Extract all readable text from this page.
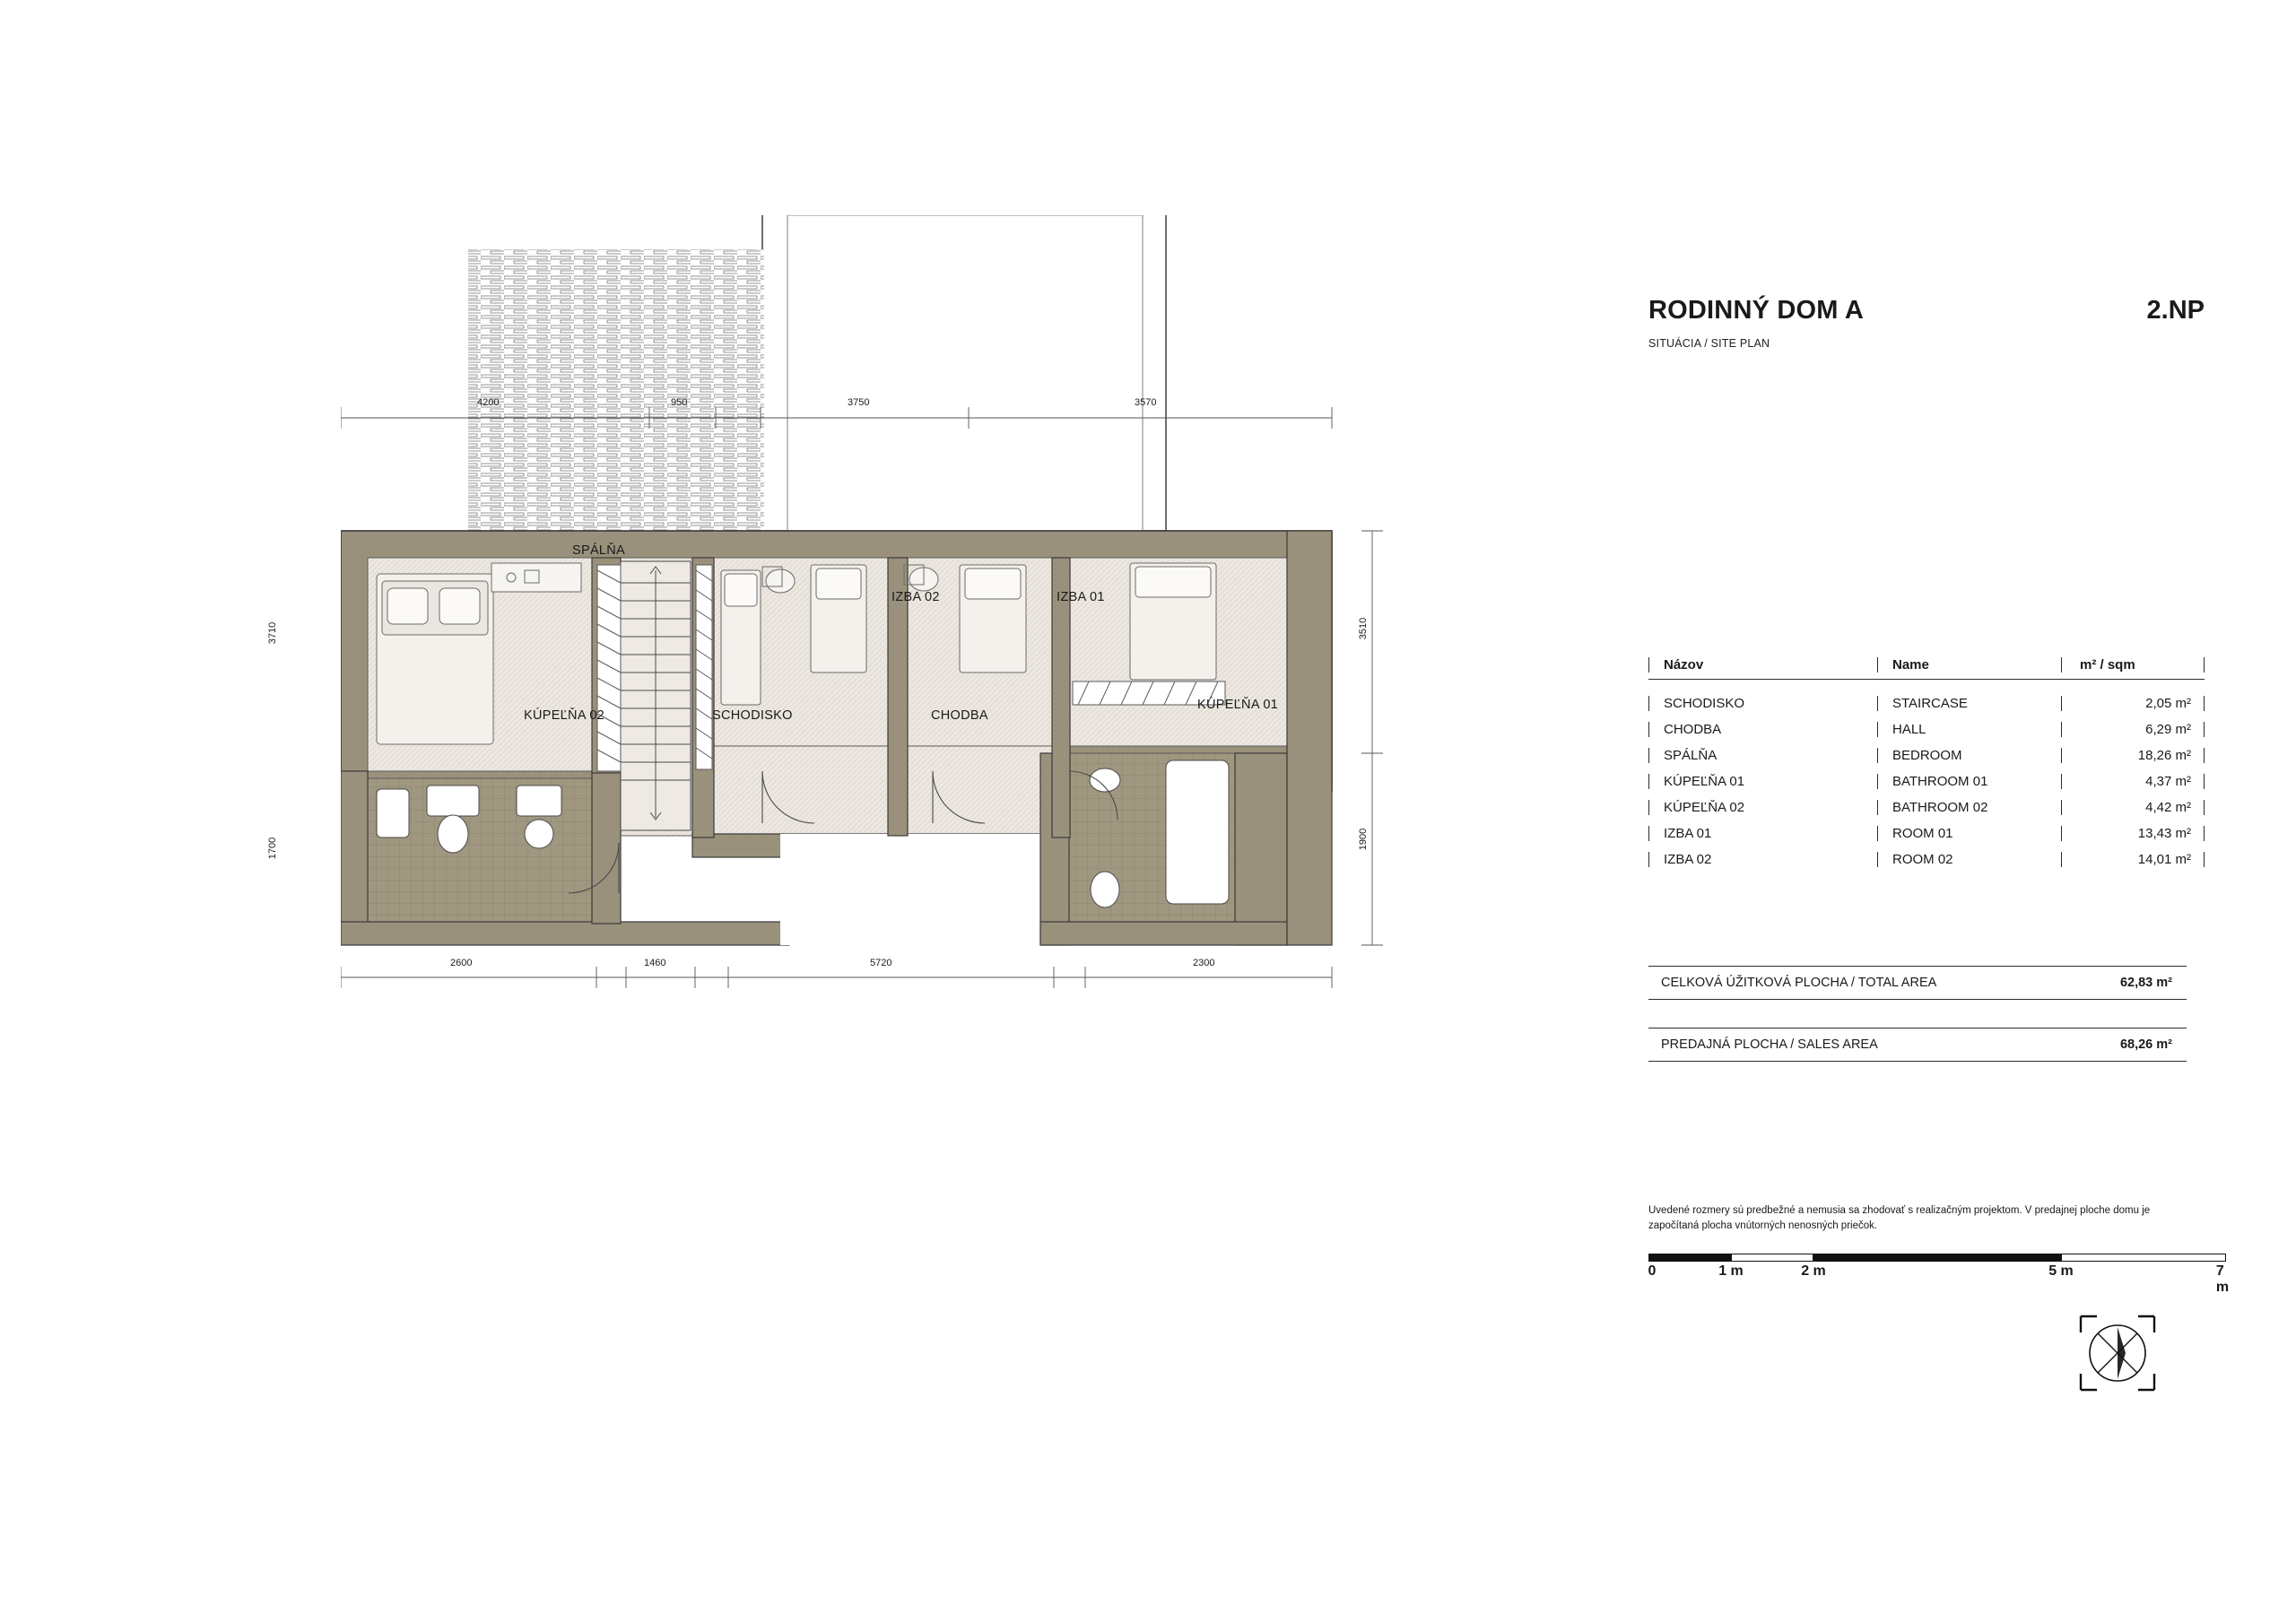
SPÁLŇA
IZBA 02	IZBA 01
KÚPEĽŇA 02
KÚPEĽŇA 01
SCHODISKO	CHODBA
4200	950	3750	3570
2600	1460	5720	2300
3710
1700
3510
1900
RODINNÝ DOM A	2.NP
SITUÁCIA / SITE PLAN
Názov	Name	m² / sqm
SCHODISKO	STAIRCASE	2,05 m²
CHODBA	HALL	6,29 m²
SPÁLŇA	BEDROOM	18,26 m²
KÚPEĽŇA 01	BATHROOM 01	4,37 m²
KÚPEĽŇA 02	BATHROOM 02	4,42 m²
IZBA 01	ROOM 01	13,43 m²
IZBA 02	ROOM 02	14,01 m²
CELKOVÁ ÚŽITKOVÁ PLOCHA / TOTAL AREA	62,83 m²
PREDAJNÁ PLOCHA / SALES AREA	68,26 m²
Uvedené rozmery sú predbežné a nemusia sa zhodovať s realizačným projektom. V predajnej ploche domu je započítaná plocha vnútorných nenosných priečok.
0	1 m	2 m	5 m	7 m
